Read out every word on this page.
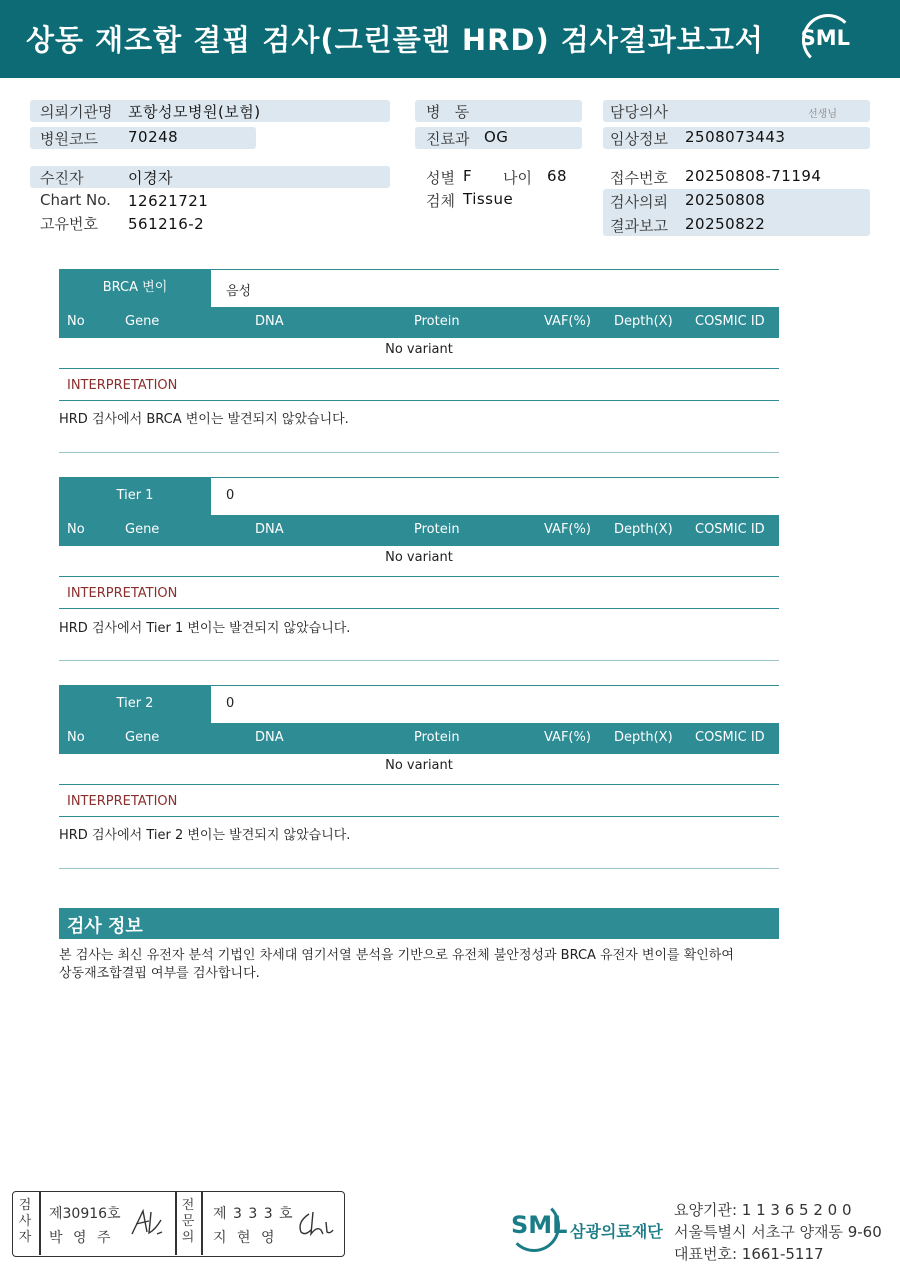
상동 재조합 결핍 검사(그린플랜 HRD) 검사결과보고서 SML
의뢰기관명 포항성모병원(보험)
병원코드 70248
병   동
진료과 OG
담당의사	선생님
임상정보 2508073443
수진자	이경자
Chart No. 12621721
고유번호 561216-2
성별 F 나이 68
검체 Tissue
접수번호 20250808-71194
검사의뢰 20250808
결과보고 20250822
BRCA 변이	음성
No	Gene	DNA	Protein	VAF(%) Depth(X) COSMIC ID
No variant
INTERPRETATION
HRD 검사에서 BRCA 변이는 발견되지 않았습니다.
Tier 1	0
No	Gene	DNA	Protein	VAF(%) Depth(X) COSMIC ID
No variant
INTERPRETATION
HRD 검사에서 Tier 1 변이는 발견되지 않았습니다.
Tier 2	0
No	Gene	DNA	Protein	VAF(%) Depth(X) COSMIC ID
No variant
INTERPRETATION
HRD 검사에서 Tier 2 변이는 발견되지 않았습니다.
검사 정보
본 검사는 최신 유전자 분석 기법인 차세대 염기서열 분석을 기반으로 유전체 불안정성과 BRCA 유전자 변이를 확인하여
상동재조합결핍 여부를 검사합니다.
검사자
제30916호
박 영 주
전문의
제 3 3 3 호
지 현 영	SML 삼광의료재단
요양기관: 1 1 3 6 5 2 0 0
서울특별시 서초구 양재동 9-60
대표번호: 1661-5117
